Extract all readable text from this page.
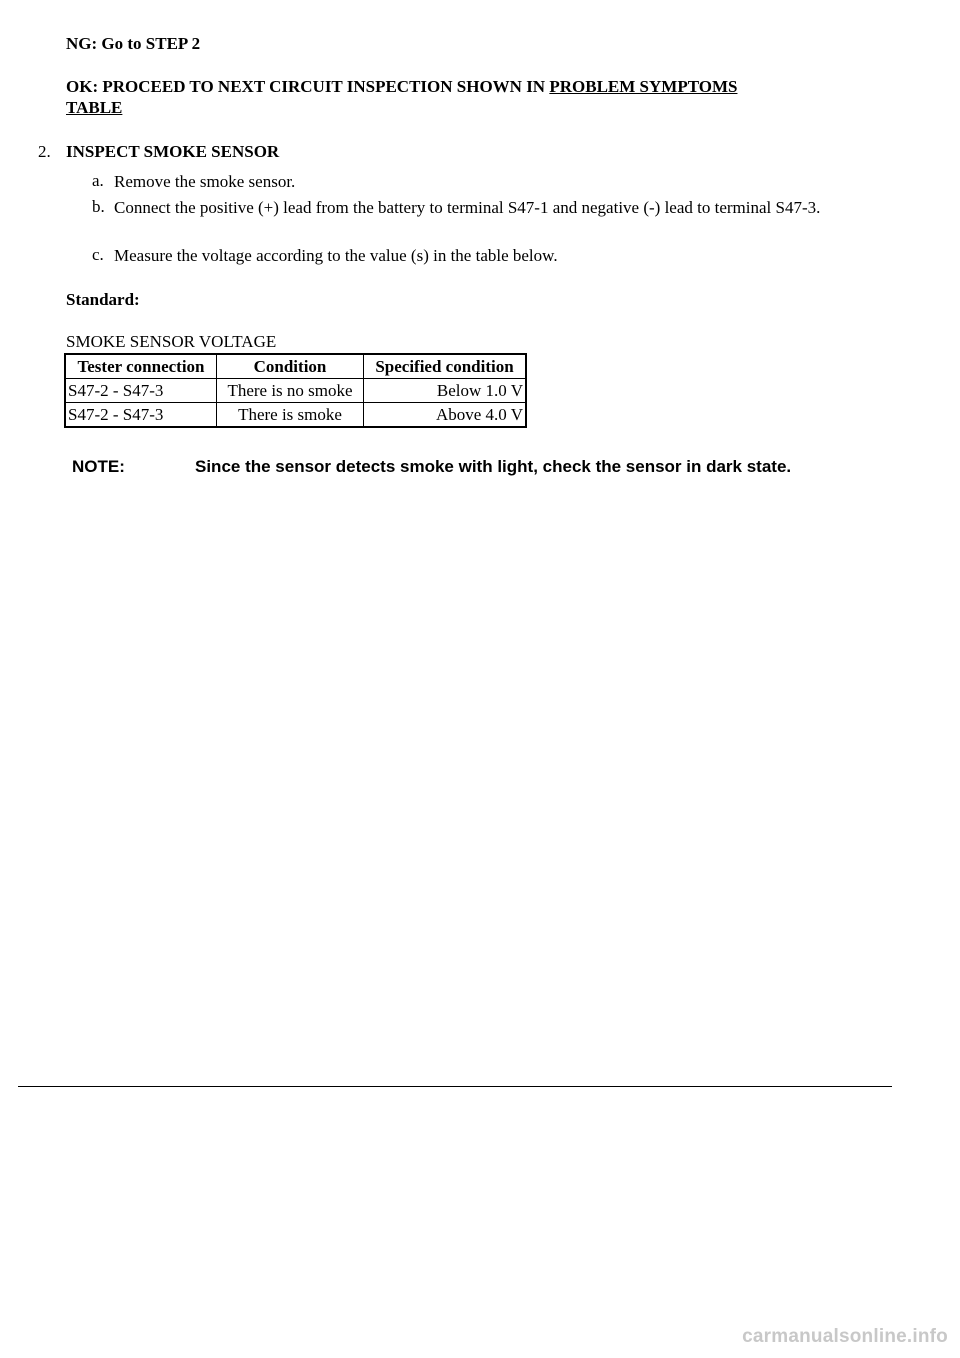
NG: Go to STEP 2
OK: PROCEED TO NEXT CIRCUIT INSPECTION SHOWN IN PROBLEM SYMPTOMS
TABLE
2. INSPECT SMOKE SENSOR
a. Remove the smoke sensor.
b. Connect the positive (+) lead from the battery to terminal S47-1 and negative (-) lead to terminal S47-3.
c. Measure the voltage according to the value (s) in the table below.
Standard:
SMOKE SENSOR VOLTAGE
Tester connection	Condition	Specified condition
S47-2 - S47-3	There is no smoke	Below 1.0 V
S47-2 - S47-3	There is smoke	Above 4.0 V
NOTE:	Since the sensor detects smoke with light, check the sensor in dark state.
carmanualsonline.info
